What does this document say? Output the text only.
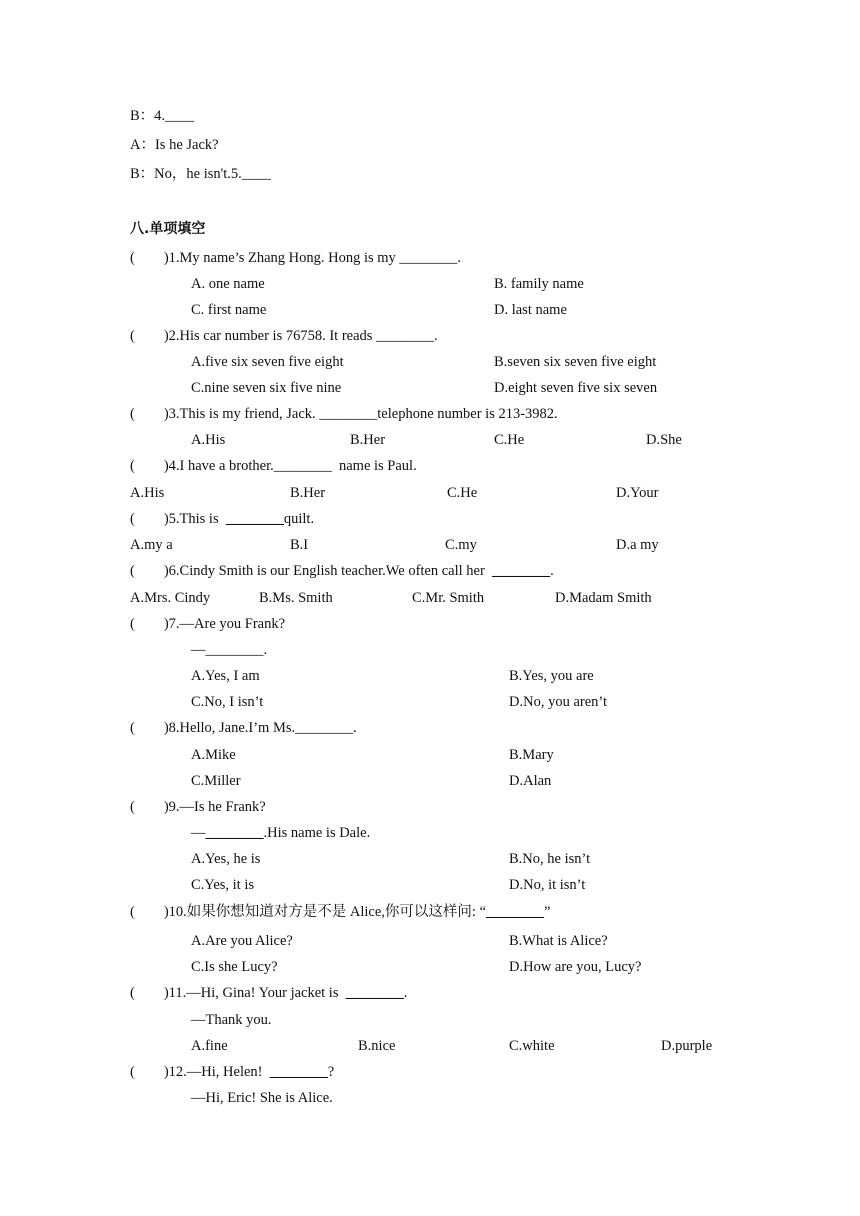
B：4.____
A：Is he Jack?
B：No，he isn't.5.____
八.单项填空
(        )1.My name’s Zhang Hong. Hong is my ________.
A. one name	B. family name
C. first name	D. last name
(        )2.His car number is 76758. It reads ________.
A.five six seven five eight	B.seven six seven five eight
C.nine seven six five nine	D.eight seven five six seven
(        )3.This is my friend, Jack. ________telephone number is 213-3982.
A.His	B.Her	C.He	D.She
(        )4.I have a brother.________  name is Paul.
A.His	B.Her	C.He	D.Your
(        )5.This is  ________quilt.
A.my a	B.I	C.my	D.a my
(        )6.Cindy Smith is our English teacher.We often call her  ________.
A.Mrs. Cindy	B.Ms. Smith	C.Mr. Smith	D.Madam Smith
(        )7.—Are you Frank?
—________.
A.Yes, I am	B.Yes, you are
C.No, I isn’t	D.No, you aren’t
(        )8.Hello, Jane.I’m Ms.________.
A.Mike	B.Mary
C.Miller	D.Alan
(        )9.—Is he Frank?
—________.His name is Dale.
A.Yes, he is	B.No, he isn’t
C.Yes, it is	D.No, it isn’t
(        )10.如果你想知道对方是不是 Alice,你可以这样问: “________”
A.Are you Alice?	B.What is Alice?
C.Is she Lucy?	D.How are you, Lucy?
(        )11.—Hi, Gina! Your jacket is  ________.
—Thank you.
A.fine	B.nice	C.white	D.purple
(        )12.—Hi, Helen!  ________?
—Hi, Eric! She is Alice.
